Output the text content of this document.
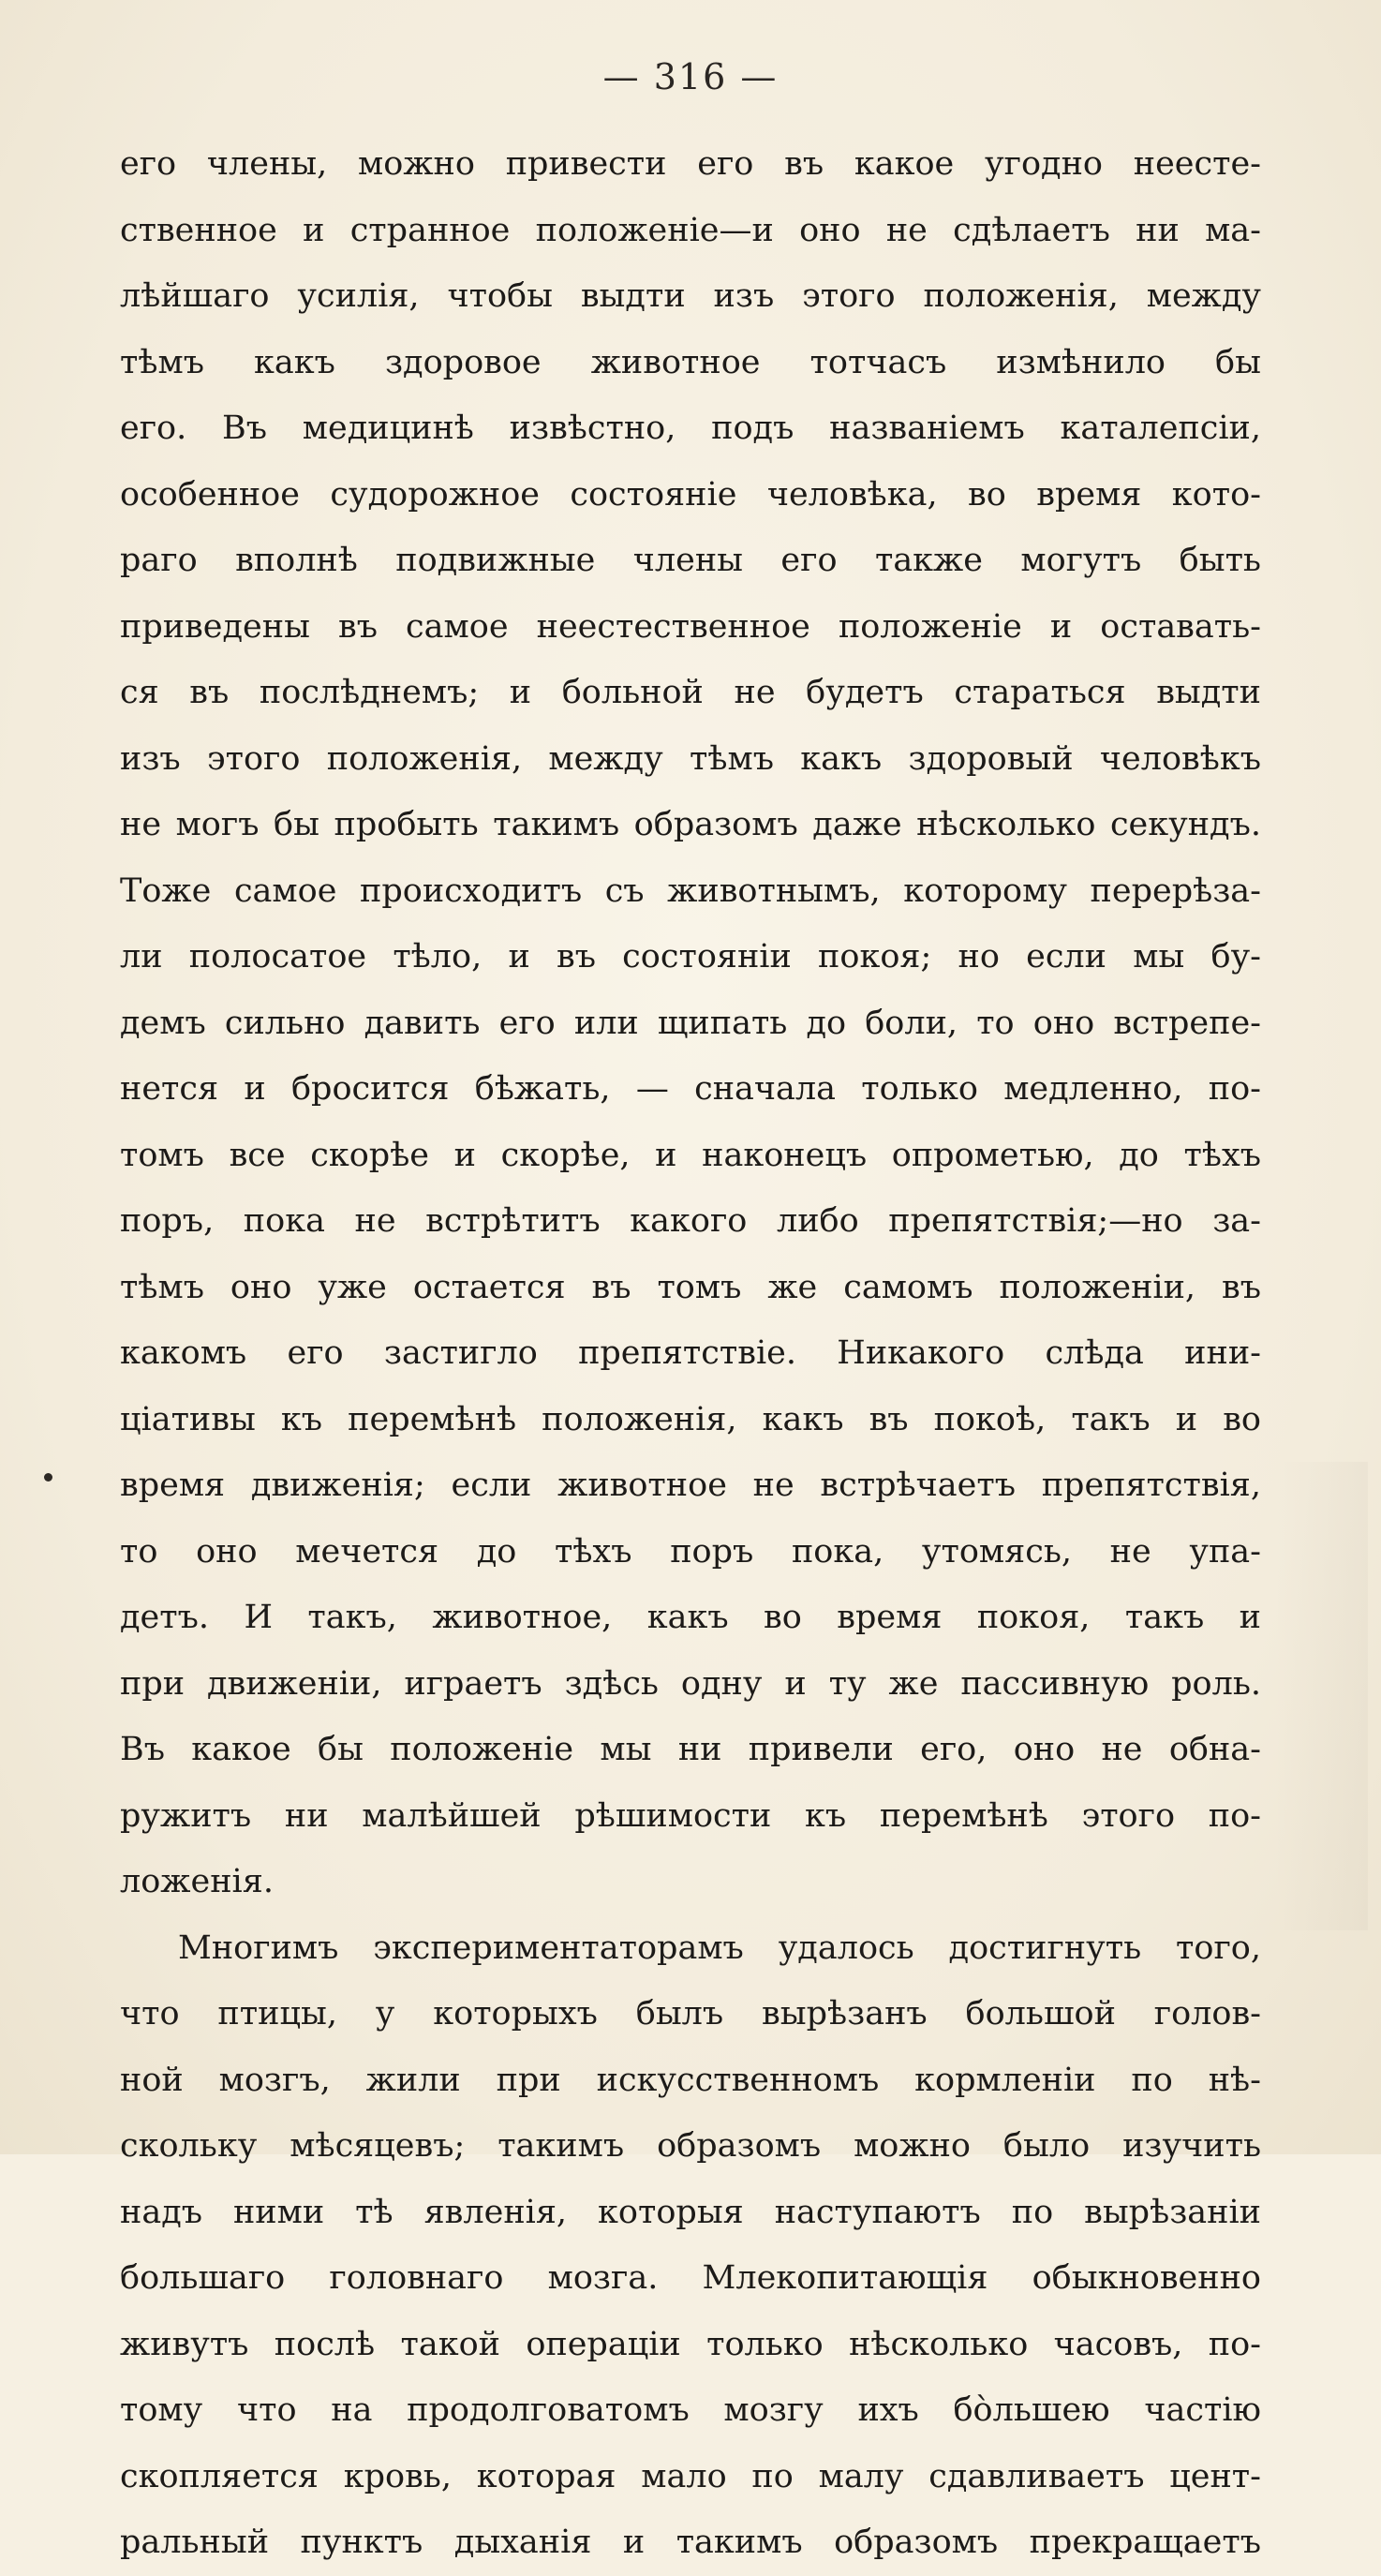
— 316 —
его члены, можно привести его въ какое угодно неесте-
ственное и странное положеніе—и оно не сдѣлаетъ ни ма-
лѣйшаго усилія, чтобы выдти изъ этого положенія, между
тѣмъ какъ здоровое животное тотчасъ измѣнило бы
его. Въ медицинѣ извѣстно, подъ названіемъ каталепсіи,
особенное судорожное состояніе человѣка, во время кото-
раго вполнѣ подвижные члены его также могутъ быть
приведены въ самое неестественное положеніе и оставать-
ся въ послѣднемъ; и больной не будетъ стараться выдти
изъ этого положенія, между тѣмъ какъ здоровый человѣкъ
не могъ бы пробыть такимъ образомъ даже нѣсколько секундъ.
Тоже самое происходитъ съ животнымъ, которому перерѣза-
ли полосатое тѣло, и въ состояніи покоя; но если мы бу-
демъ сильно давить его или щипать до боли, то оно встрепе-
нется и бросится бѣжать, — сначала только медленно, по-
томъ все скорѣе и скорѣе, и наконецъ опрометью, до тѣхъ
поръ, пока не встрѣтитъ какого либо препятствія;—но за-
тѣмъ оно уже остается въ томъ же самомъ положеніи, въ
какомъ его застигло препятствіе. Никакого слѣда ини-
ціативы къ перемѣнѣ положенія, какъ въ покоѣ, такъ и во
время движенія; если животное не встрѣчаетъ препятствія,
то оно мечется до тѣхъ поръ пока, утомясь, не упа-
детъ. И такъ, животное, какъ во время покоя, такъ и
при движеніи, играетъ здѣсь одну и ту же пассивную роль.
Въ какое бы положеніе мы ни привели его, оно не обна-
ружитъ ни малѣйшей рѣшимости къ перемѣнѣ этого по-
ложенія.
Многимъ экспериментаторамъ удалось достигнуть того,
что птицы, у которыхъ былъ вырѣзанъ большой голов-
ной мозгъ, жили при искусственномъ кормленіи по нѣ-
скольку мѣсяцевъ; такимъ образомъ можно было изучить
надъ ними тѣ явленія, которыя наступаютъ по вырѣзаніи
большаго головнаго мозга. Млекопитающія обыкновенно
живутъ послѣ такой операціи только нѣсколько часовъ, по-
тому что на продолговатомъ мозгу ихъ бо̀льшею частію
скопляется кровь, которая мало по малу сдавливаетъ цент-
ральный пунктъ дыханія и такимъ образомъ прекращаетъ
